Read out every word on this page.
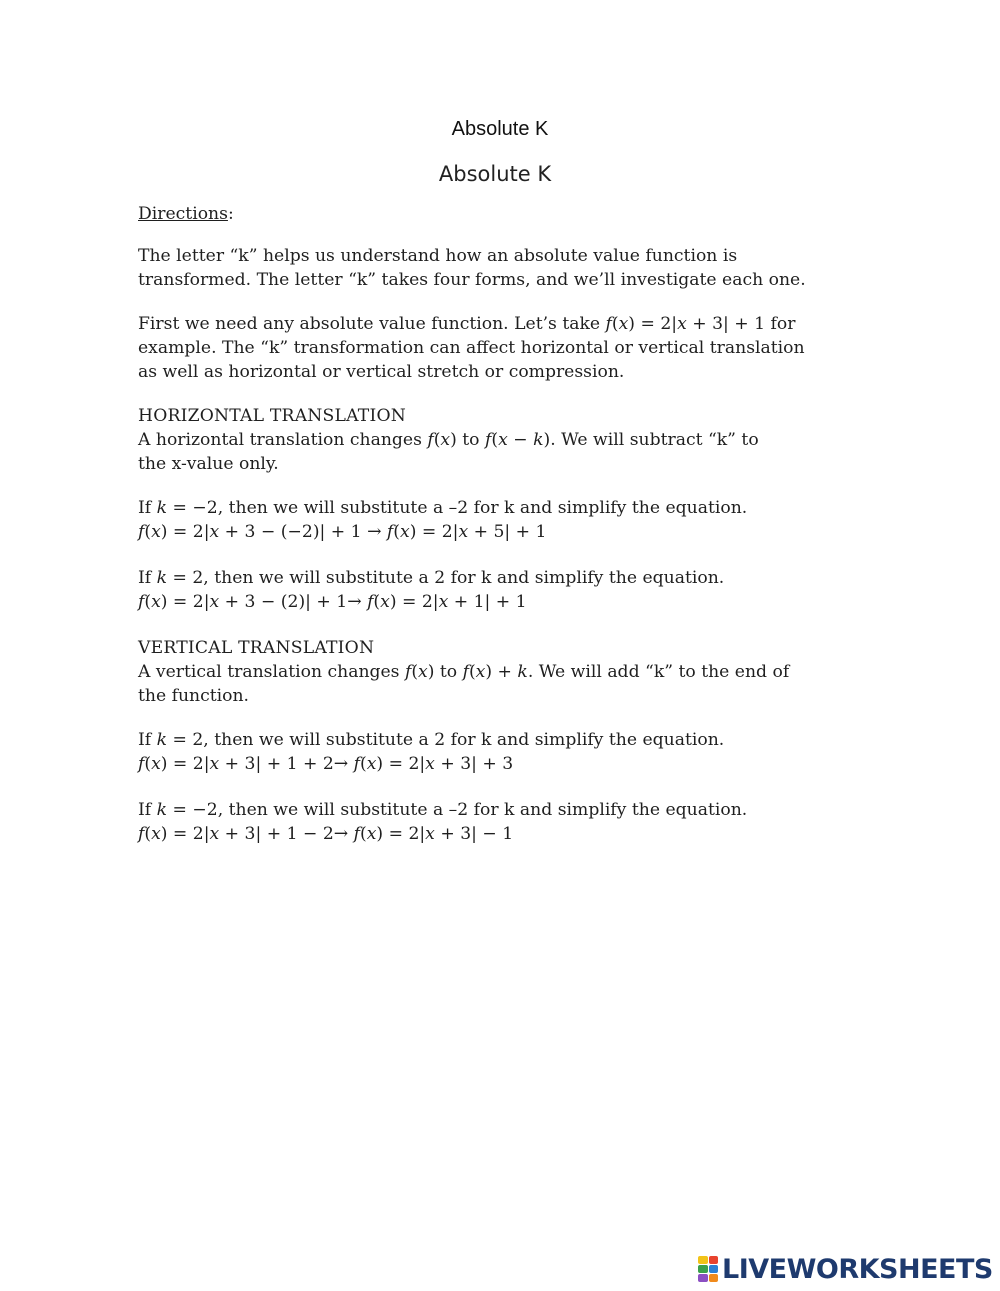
Absolute K
Absolute K

Directions:

The letter “k” helps us understand how an absolute value function is

transformed. The letter “k” takes four forms, and we’ll investigate each one.

First we need any absolute value function. Let’s take 𝑓(𝑥) = 2|𝑥 + 3| + 1 for

example. The “k” transformation can affect horizontal or vertical translation

as well as horizontal or vertical stretch or compression.

HORIZONTAL TRANSLATION

A horizontal translation changes 𝑓(𝑥) to 𝑓(𝑥 − 𝑘). We will subtract “k” to

the x-value only.

If 𝑘 = −2, then we will substitute a –2 for k and simplify the equation.

𝑓(𝑥) = 2|𝑥 + 3 − (−2)| + 1 → 𝑓(𝑥) = 2|𝑥 + 5| + 1

If 𝑘 = 2, then we will substitute a 2 for k and simplify the equation.

𝑓(𝑥) = 2|𝑥 + 3 − (2)| + 1→ 𝑓(𝑥) = 2|𝑥 + 1| + 1

VERTICAL TRANSLATION

A vertical translation changes 𝑓(𝑥) to 𝑓(𝑥) + 𝑘. We will add “k” to the end of

the function.

If 𝑘 = 2, then we will substitute a 2 for k and simplify the equation.

𝑓(𝑥) = 2|𝑥 + 3| + 1 + 2→ 𝑓(𝑥) = 2|𝑥 + 3| + 3

If 𝑘 = −2, then we will substitute a –2 for k and simplify the equation.

𝑓(𝑥) = 2|𝑥 + 3| + 1 − 2→ 𝑓(𝑥) = 2|𝑥 + 3| − 1

LIVEWORKSHEETS
